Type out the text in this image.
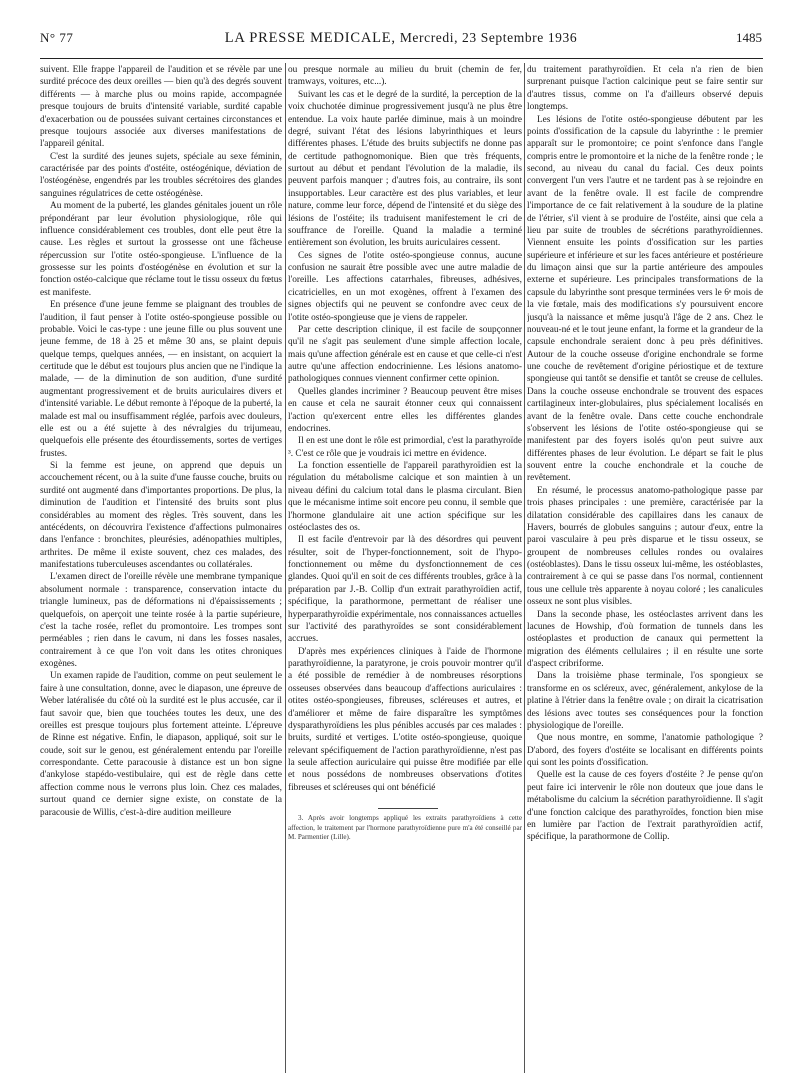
N° 77	LA PRESSE MEDICALE, Mercredi, 23 Septembre 1936	1485

suivent. Elle frappe l'appareil de l'audition et se révèle par une surdité précoce des deux oreilles — bien qu'à des degrés souvent différents — à marche plus ou moins rapide, accompagnée presque toujours de bruits d'intensité variable, surdité capable d'exacerbation ou de poussées suivant certaines circonstances et presque toujours associée aux diverses manifestations de l'appareil génital.

C'est la surdité des jeunes sujets, spéciale au sexe féminin, caractérisée par des points d'ostéite, ostéogénique, déviation de l'ostéogénèse, engendrés par les troubles sécrétoires des glandes sanguines régulatrices de cette ostéogénèse.

Au moment de la puberté, les glandes génitales jouent un rôle prépondérant par leur évolution physiologique, rôle qui influence considérablement ces troubles, dont elle peut être la cause. Les règles et surtout la grossesse ont une fâcheuse répercussion sur l'otite ostéo-spongieuse. L'influence de la grossesse sur les points d'ostéogénèse en évolution et sur la fonction ostéo-calcique que réclame tout le tissu osseux du fœtus est manifeste.

En présence d'une jeune femme se plaignant des troubles de l'audition, il faut penser à l'otite ostéo-spongieuse possible ou probable. Voici le cas-type : une jeune fille ou plus souvent une jeune femme, de 18 à 25 et même 30 ans, se plaint depuis quelque temps, quelques années, — en insistant, on acquiert la certitude que le début est toujours plus ancien que ne l'indique la malade, — de la diminution de son audition, d'une surdité augmentant progressivement et de bruits auriculaires divers et d'intensité variable. Le début remonte à l'époque de la puberté, la malade est mal ou insuffisamment réglée, parfois avec douleurs, elle est ou a été sujette à des névralgies du trijumeau, quelquefois elle présente des étourdissements, sortes de vertiges frustes.

Si la femme est jeune, on apprend que depuis un accouchement récent, ou à la suite d'une fausse couche, bruits ou surdité ont augmenté dans d'importantes proportions. De plus, la diminution de l'audition et l'intensité des bruits sont plus considérables au moment des règles. Très souvent, dans les antécédents, on découvrira l'existence d'affections pulmonaires dans l'enfance : bronchites, pleurésies, adénopathies multiples, arthrites. De même il existe souvent, chez ces malades, des manifestations tuberculeuses ascendantes ou collatérales.

L'examen direct de l'oreille révèle une membrane tympanique absolument normale : transparence, conservation intacte du triangle lumineux, pas de déformations ni d'épaississements ; quelquefois, on aperçoit une teinte rosée à la partie supérieure, c'est la tache rosée, reflet du promontoire. Les trompes sont perméables ; rien dans le cavum, ni dans les fosses nasales, contrairement à ce que l'on voit dans les otites chroniques exogènes.

Un examen rapide de l'audition, comme on peut seulement le faire à une consultation, donne, avec le diapason, une épreuve de Weber latéralisée du côté où la surdité est le plus accusée, car il faut savoir que, bien que touchées toutes les deux, une des oreilles est presque toujours plus fortement atteinte. L'épreuve de Rinne est négative. Enfin, le diapason, appliqué, soit sur le coude, soit sur le genou, est généralement entendu par l'oreille correspondante. Cette paracousie à distance est un bon signe d'ankylose stapédo-vestibulaire, qui est de règle dans cette affection comme nous le verrons plus loin. Chez ces malades, surtout quand ce dernier signe existe, on constate de la paracousie de Willis, c'est-à-dire audition meilleure

ou presque normale au milieu du bruit (chemin de fer, tramways, voitures, etc...).

Suivant les cas et le degré de la surdité, la perception de la voix chuchotée diminue progressivement jusqu'à ne plus être entendue. La voix haute parlée diminue, mais à un moindre degré, suivant l'état des lésions labyrinthiques et leurs différentes phases. L'étude des bruits subjectifs ne donne pas de certitude pathognomonique. Bien que très fréquents, surtout au début et pendant l'évolution de la maladie, ils peuvent parfois manquer ; d'autres fois, au contraire, ils sont insupportables. Leur caractère est des plus variables, et leur nature, comme leur force, dépend de l'intensité et du siège des lésions de l'ostéite; ils traduisent manifestement le cri de souffrance de l'oreille. Quand la maladie a terminé entièrement son évolution, les bruits auriculaires cessent.

Ces signes de l'otite ostéo-spongieuse connus, aucune confusion ne saurait être possible avec une autre maladie de l'oreille. Les affections catarrhales, fibreuses, adhésives, cicatricielles, en un mot exogènes, offrent à l'examen des signes objectifs qui ne peuvent se confondre avec ceux de l'otite ostéo-spongieuse que je viens de rappeler.

Par cette description clinique, il est facile de soupçonner qu'il ne s'agit pas seulement d'une simple affection locale, mais qu'une affection générale est en cause et que celle-ci n'est autre qu'une affection endocrinienne. Les lésions anatomo-pathologiques connues viennent confirmer cette opinion.

Quelles glandes incriminer ? Beaucoup peuvent être mises en cause et cela ne saurait étonner ceux qui connaissent l'action qu'exercent entre elles les différentes glandes endocrines.

Il en est une dont le rôle est primordial, c'est la parathyroïde ³. C'est ce rôle que je voudrais ici mettre en évidence.

La fonction essentielle de l'appareil parathyroïdien est la régulation du métabolisme calcique et son maintien à un niveau défini du calcium total dans le plasma circulant. Bien que le mécanisme intime soit encore peu connu, il semble que l'hormone glandulaire ait une action spécifique sur les ostéoclastes des os.

Il est facile d'entrevoir par là des désordres qui peuvent résulter, soit de l'hyper-fonctionnement, soit de l'hypo-fonctionnement ou même du dysfonctionnement de ces glandes. Quoi qu'il en soit de ces différents troubles, grâce à la préparation par J.-B. Collip d'un extrait parathyroïdien actif, spécifique, la parathormone, permettant de réaliser une hyperparathyroïdie expérimentale, nos connaissances actuelles sur l'activité des parathyroïdes se sont considérablement accrues.

D'après mes expériences cliniques à l'aide de l'hormone parathyroïdienne, la paratyrone, je crois pouvoir montrer qu'il a été possible de remédier à de nombreuses résorptions osseuses observées dans beaucoup d'affections auriculaires : otites ostéo-spongieuses, fibreuses, scléreuses et autres, et d'améliorer et même de faire disparaître les symptômes dysparathyroïdiens les plus pénibles accusés par ces malades : bruits, surdité et vertiges. L'otite ostéo-spongieuse, quoique relevant spécifiquement de l'action parathyroïdienne, n'est pas la seule affection auriculaire qui puisse être modifiée par elle et nous possédons de nombreuses observations d'otites fibreuses et scléreuses qui ont bénéficié

3. Après avoir longtemps appliqué les extraits parathyroïdiens à cette affection, le traitement par l'hormone parathyroïdienne pure m'a été conseillé par M. Parmentier (Lille).

du traitement parathyroïdien. Et cela n'a rien de bien surprenant puisque l'action calcinique peut se faire sentir sur d'autres tissus, comme on l'a d'ailleurs observé depuis longtemps.

Les lésions de l'otite ostéo-spongieuse débutent par les points d'ossification de la capsule du labyrinthe : le premier apparaît sur le promontoire; ce point s'enfonce dans l'angle compris entre le promontoire et la niche de la fenêtre ronde ; le second, au niveau du canal du facial. Ces deux points convergent l'un vers l'autre et ne tardent pas à se rejoindre en avant de la fenêtre ovale. Il est facile de comprendre l'importance de ce fait relativement à la soudure de la platine de l'étrier, s'il vient à se produire de l'ostéite, ainsi que cela a lieu par suite de troubles de sécrétions parathyroïdiennes. Viennent ensuite les points d'ossification sur les parties supérieure et inférieure et sur les faces antérieure et postérieure du limaçon ainsi que sur la partie antérieure des ampoules externe et supérieure. Les principales transformations de la capsule du labyrinthe sont presque terminées vers le 6ᵉ mois de la vie fœtale, mais des modifications s'y poursuivent encore jusqu'à la naissance et même jusqu'à l'âge de 2 ans. Chez le nouveau-né et le tout jeune enfant, la forme et la grandeur de la capsule enchondrale seraient donc à peu près définitives. Autour de la couche osseuse d'origine enchondrale se forme une couche de revêtement d'origine périostique et de texture spongieuse qui tantôt se densifie et tantôt se creuse de cellules. Dans la couche osseuse enchondrale se trouvent des espaces cartilagineux inter-globulaires, plus spécialement localisés en avant de la fenêtre ovale. Dans cette couche enchondrale s'observent les lésions de l'otite ostéo-spongieuse qui se manifestent par des foyers isolés qu'on peut suivre aux différentes phases de leur évolution. Le départ se fait le plus souvent entre la couche enchondrale et la couche de revêtement.

En résumé, le processus anatomo-pathologique passe par trois phases principales : une première, caractérisée par la dilatation considérable des capillaires dans les canaux de Havers, bourrés de globules sanguins ; autour d'eux, entre la paroi vasculaire à peu près disparue et le tissu osseux, se groupent de nombreuses cellules rondes ou ovalaires (ostéoblastes). Dans le tissu osseux lui-même, les ostéoblastes, contrairement à ce qui se passe dans l'os normal, contiennent tous une cellule très apparente à noyau coloré ; les canalicules osseux ne sont plus visibles.

Dans la seconde phase, les ostéoclastes arrivent dans les lacunes de Howship, d'où formation de tunnels dans les ostéoplastes et production de canaux qui permettent la migration des éléments cellulaires ; il en résulte une sorte d'aspect cribriforme.

Dans la troisième phase terminale, l'os spongieux se transforme en os scléreux, avec, généralement, ankylose de la platine à l'étrier dans la fenêtre ovale ; on dirait la cicatrisation des lésions avec toutes ses conséquences pour la fonction physiologique de l'oreille.

Que nous montre, en somme, l'anatomie pathologique ? D'abord, des foyers d'ostéite se localisant en différents points qui sont les points d'ossification.

Quelle est la cause de ces foyers d'ostéite ? Je pense qu'on peut faire ici intervenir le rôle non douteux que joue dans le métabolisme du calcium la sécrétion parathyroïdienne. Il s'agit d'une fonction calcique des parathyroïdes, fonction bien mise en lumière par l'action de l'extrait parathyroïdien actif, spécifique, la parathormone de Collip.
